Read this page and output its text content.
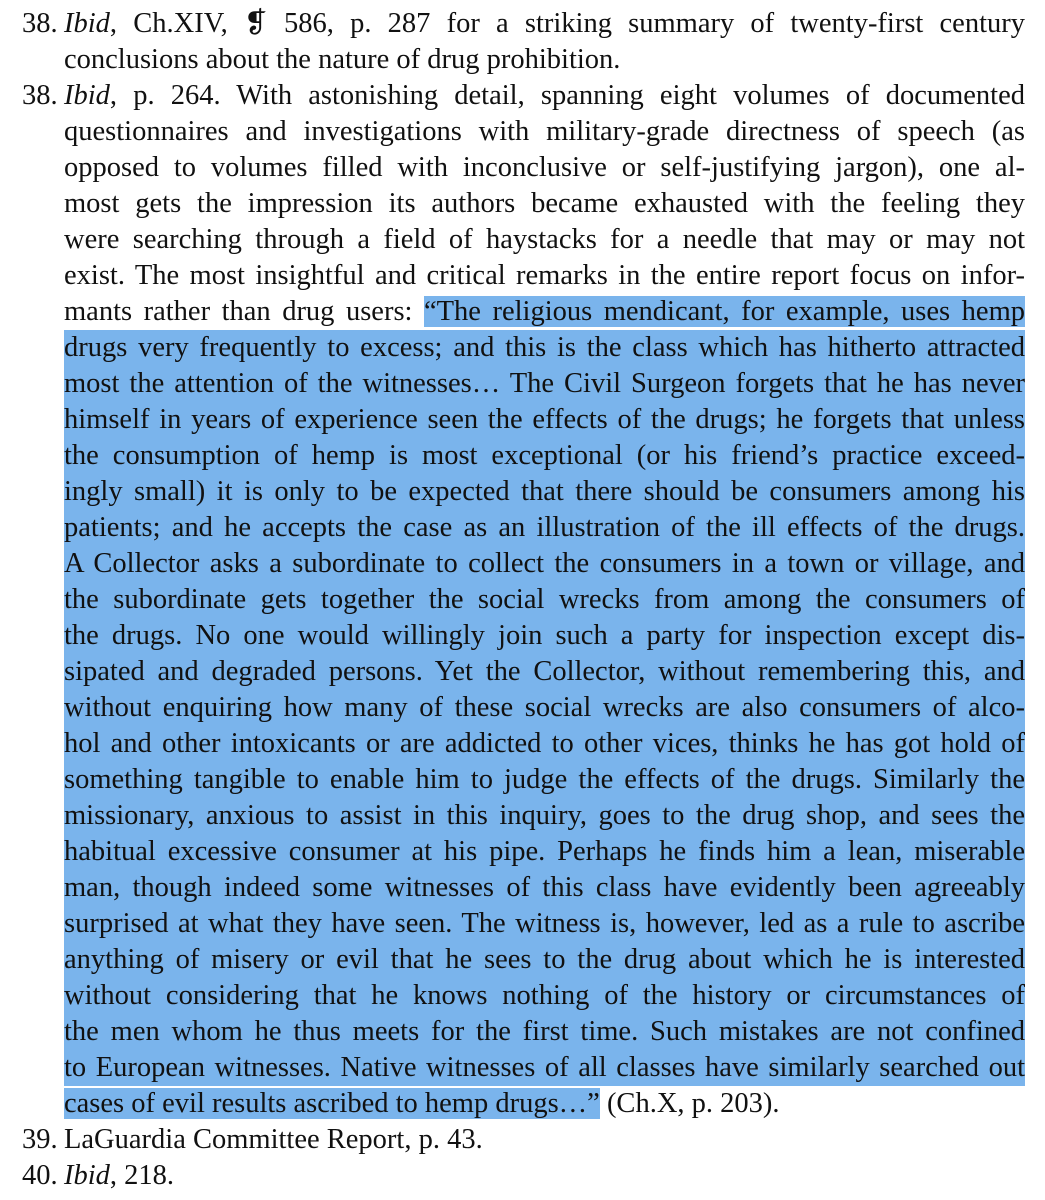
38. Ibid, Ch.XIV, ❡ 586, p. 287 for a striking summary of twenty-first century
conclusions about the nature of drug prohibition.
38. Ibid, p. 264. With astonishing detail, spanning eight volumes of documented
questionnaires and investigations with military-grade directness of speech (as
opposed to volumes filled with inconclusive or self-justifying jargon), one al-
most gets the impression its authors became exhausted with the feeling they
were searching through a field of haystacks for a needle that may or may not
exist. The most insightful and critical remarks in the entire report focus on infor-
mants rather than drug users: “The religious mendicant, for example, uses hemp
drugs very frequently to excess; and this is the class which has hitherto attracted
most the attention of the witnesses… The Civil Surgeon forgets that he has never
himself in years of experience seen the effects of the drugs; he forgets that unless
the consumption of hemp is most exceptional (or his friend’s practice exceed-
ingly small) it is only to be expected that there should be consumers among his
patients; and he accepts the case as an illustration of the ill effects of the drugs.
A Collector asks a subordinate to collect the consumers in a town or village, and
the subordinate gets together the social wrecks from among the consumers of
the drugs. No one would willingly join such a party for inspection except dis-
sipated and degraded persons. Yet the Collector, without remembering this, and
without enquiring how many of these social wrecks are also consumers of alco-
hol and other intoxicants or are addicted to other vices, thinks he has got hold of
something tangible to enable him to judge the effects of the drugs. Similarly the
missionary, anxious to assist in this inquiry, goes to the drug shop, and sees the
habitual excessive consumer at his pipe. Perhaps he finds him a lean, miserable
man, though indeed some witnesses of this class have evidently been agreeably
surprised at what they have seen. The witness is, however, led as a rule to ascribe
anything of misery or evil that he sees to the drug about which he is interested
without considering that he knows nothing of the history or circumstances of
the men whom he thus meets for the first time. Such mistakes are not confined
to European witnesses. Native witnesses of all classes have similarly searched out
cases of evil results ascribed to hemp drugs…” (Ch.X, p. 203).
39. LaGuardia Committee Report, p. 43.
40. Ibid, 218.
